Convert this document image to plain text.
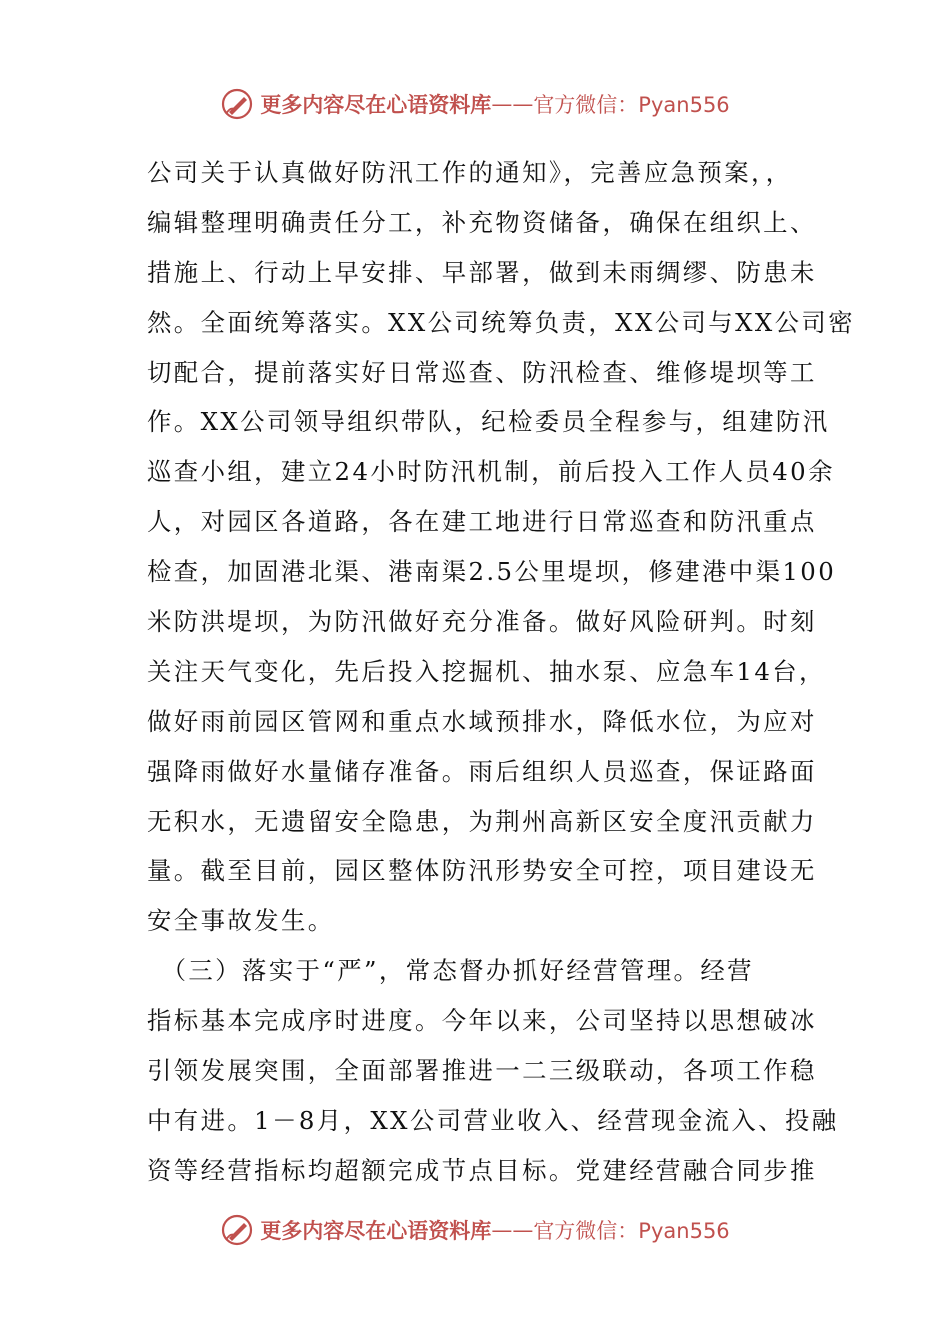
更多内容尽在心语资料库 —— 官方微信：Pyan556
公司关于认真做好防汛工作的通知》，完善应急预案，，
编辑整理明确责任分工，补充物资储备，确保在组织上、
措施上、行动上早安排、早部署，做到未雨绸缪、防患未
然。全面统筹落实。XX公司统筹负责，XX公司与XX公司密
切配合，提前落实好日常巡查、防汛检查、维修堤坝等工
作。XX公司领导组织带队，纪检委员全程参与，组建防汛
巡查小组，建立24小时防汛机制，前后投入工作人员40余
人，对园区各道路，各在建工地进行日常巡查和防汛重点
检查，加固港北渠、港南渠2.5公里堤坝，修建港中渠100
米防洪堤坝，为防汛做好充分准备。做好风险研判。时刻
关注天气变化，先后投入挖掘机、抽水泵、应急车14台，
做好雨前园区管网和重点水域预排水，降低水位，为应对
强降雨做好水量储存准备。雨后组织人员巡查，保证路面
无积水，无遗留安全隐患，为荆州高新区安全度汛贡献力
量。截至目前，园区整体防汛形势安全可控，项目建设无
安全事故发生。
　（三）落实于“严”，常态督办抓好经营管理。经营
指标基本完成序时进度。今年以来，公司坚持以思想破冰
引领发展突围，全面部署推进一二三级联动，各项工作稳
中有进。1－8月，XX公司营业收入、经营现金流入、投融
资等经营指标均超额完成节点目标。党建经营融合同步推
更多内容尽在心语资料库 —— 官方微信：Pyan556
